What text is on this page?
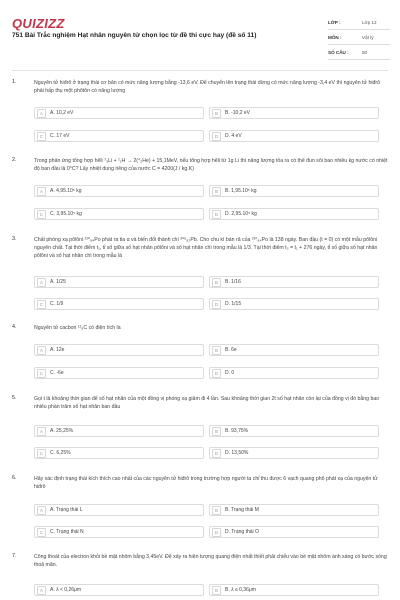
QUIZIZZ
751 Bài Trắc nghiệm Hạt nhân nguyên tử chọn lọc từ đề thi cực hay (đề số 11)
LỚP :	Lớp 12
MÔN :	Vật lý
SỐ CÂU :	50
1.	Nguyên tử hiđrô ở trạng thái cơ bản có mức năng lượng bằng -13,6 eV. Để chuyển lên trạng thái dừng có mức năng lượng -3,4 eV thì nguyên tử hiđrô phải hấp thụ một phôtôn có năng lượng
A	A. 10,2 eV	B	B. -10,2 eV
C	C. 17 eV	D	D. 4 eV
2.	Trong phản ứng tổng hợp hêli ⁷₃Li + ¹₁H → 2(⁴₂He) + 15,1MeV, nếu tổng hợp hêli từ 1g Li thì năng lượng tỏa ra có thể đun sôi bao nhiêu kg nước có nhiệt độ ban đầu là 0°C? Lấy nhiệt dung riêng của nước C = 4200(J / kg.K)
A	A. 4,95.10⁵ kg	B	B. 1,95.10⁵ kg
C	C. 3,95.10⁵ kg	D	D. 2,95.10⁵ kg
3.	Chất phóng xạ pôlôni ²¹⁰₈₄Po phát ra tia α và biến đổi thành chì ²⁰⁶₈₂Pb. Cho chu kì bán rã của ²¹⁰₈₄Po là 138 ngày. Ban đầu (t = 0) có một mẫu pôlôni nguyên chất. Tại thời điểm t₁, tỉ số giữa số hạt nhân pôlôni và số hạt nhân chì trong mẫu là 1/3. Tại thời điểm t₂ = t₁ + 276 ngày, tỉ số giữa số hạt nhân pôlôni và số hạt nhân chì trong mẫu là
A	A. 1/25	B	B. 1/16
C	C. 1/9	D	D. 1/15
4.	Nguyên tử cacbon ¹²₆C có điện tích là
A	A. 12e	B	B. 6e
C	C. -6e	D	D. 0
5.	Gọi t là khoảng thời gian để số hạt nhân của một đồng vị phóng xạ giảm đi 4 lần. Sau khoảng thời gian 2t số hạt nhân còn lại của đồng vị đó bằng bao nhiêu phần trăm số hạt nhân ban đầu
A	A. 25,25%	B	B. 93,75%
C	C. 6,25%	D	D. 13,50%
6.	Hãy xác định trạng thái kích thích cao nhất của các nguyên tử hiđrô trong trường hợp người ta chỉ thu được 6 vạch quang phổ phát xạ của nguyên tử hiđrô
A	A. Trạng thái L	B	B. Trạng thái M
C	C. Trạng thái N	D	D. Trạng thái O
7.	Công thoát của electron khỏi bề mặt nhôm bằng 3,45eV. Để xảy ra hiện tượng quang điện nhất thiết phải chiếu vào bề mặt nhôm ánh sáng có bước sóng thoả mãn.
A	A. λ < 0,26μm	B	B. λ ≤ 0,36μm
